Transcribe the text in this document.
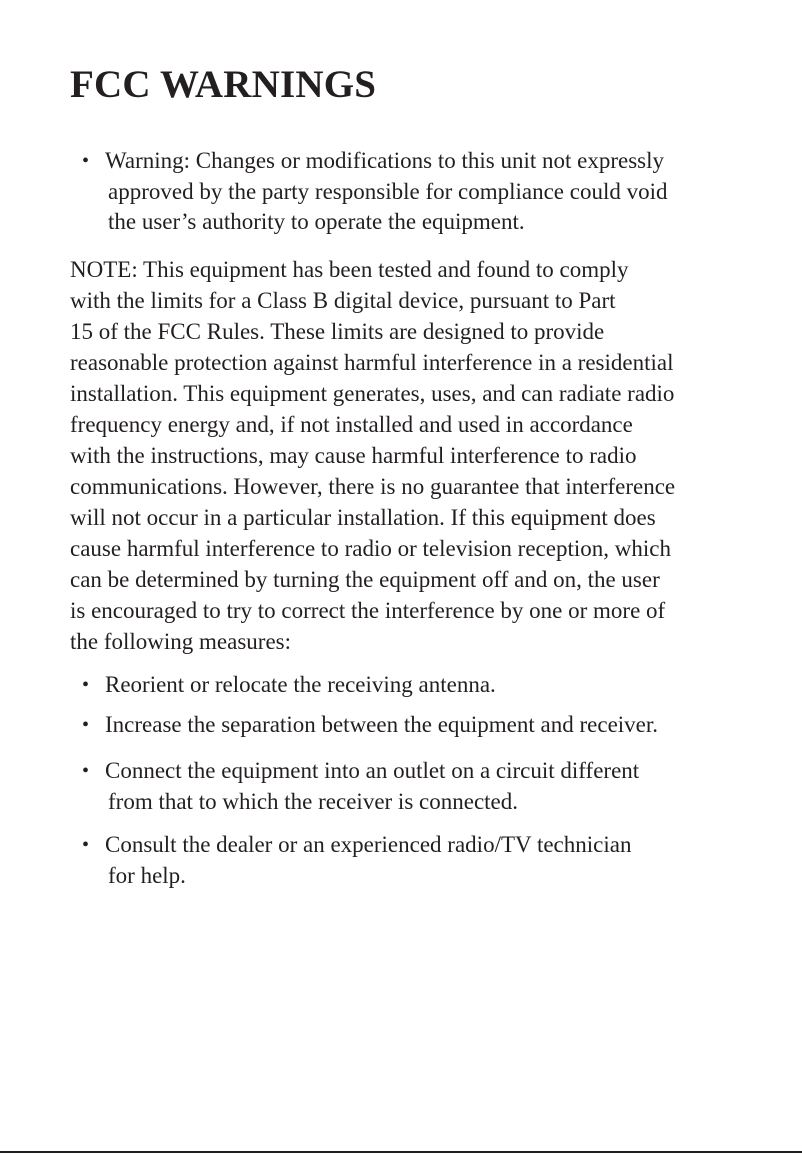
FCC WARNINGS
• Warning: Changes or modifications to this unit not expressly
approved by the party responsible for compliance could void
the user’s authority to operate the equipment.
NOTE: This equipment has been tested and found to comply
with the limits for a Class B digital device, pursuant to Part
15 of the FCC Rules. These limits are designed to provide
reasonable protection against harmful interference in a residential
installation. This equipment generates, uses, and can radiate radio
frequency energy and, if not installed and used in accordance
with the instructions, may cause harmful interference to radio
communications. However, there is no guarantee that interference
will not occur in a particular installation. If this equipment does
cause harmful interference to radio or television reception, which
can be determined by turning the equipment off and on, the user
is encouraged to try to correct the interference by one or more of
the following measures:
• Reorient or relocate the receiving antenna.
• Increase the separation between the equipment and receiver.
• Connect the equipment into an outlet on a circuit different
from that to which the receiver is connected.
• Consult the dealer or an experienced radio/TV technician
for help.
